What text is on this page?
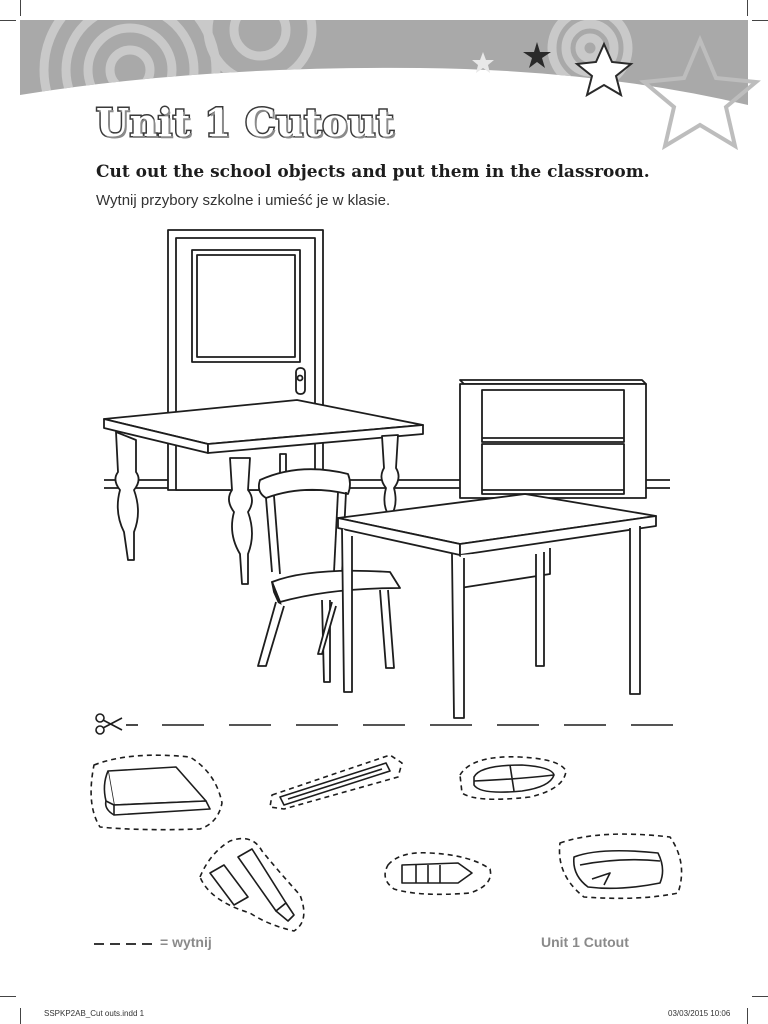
Unit 1 Cutout

Cut out the school objects and put them in the classroom.

Wytnij przybory szkolne i umieść je w klasie.

= wytnij	Unit 1 Cutout
SSPKP2AB_Cut outs.indd 1	03/03/2015 10:06
